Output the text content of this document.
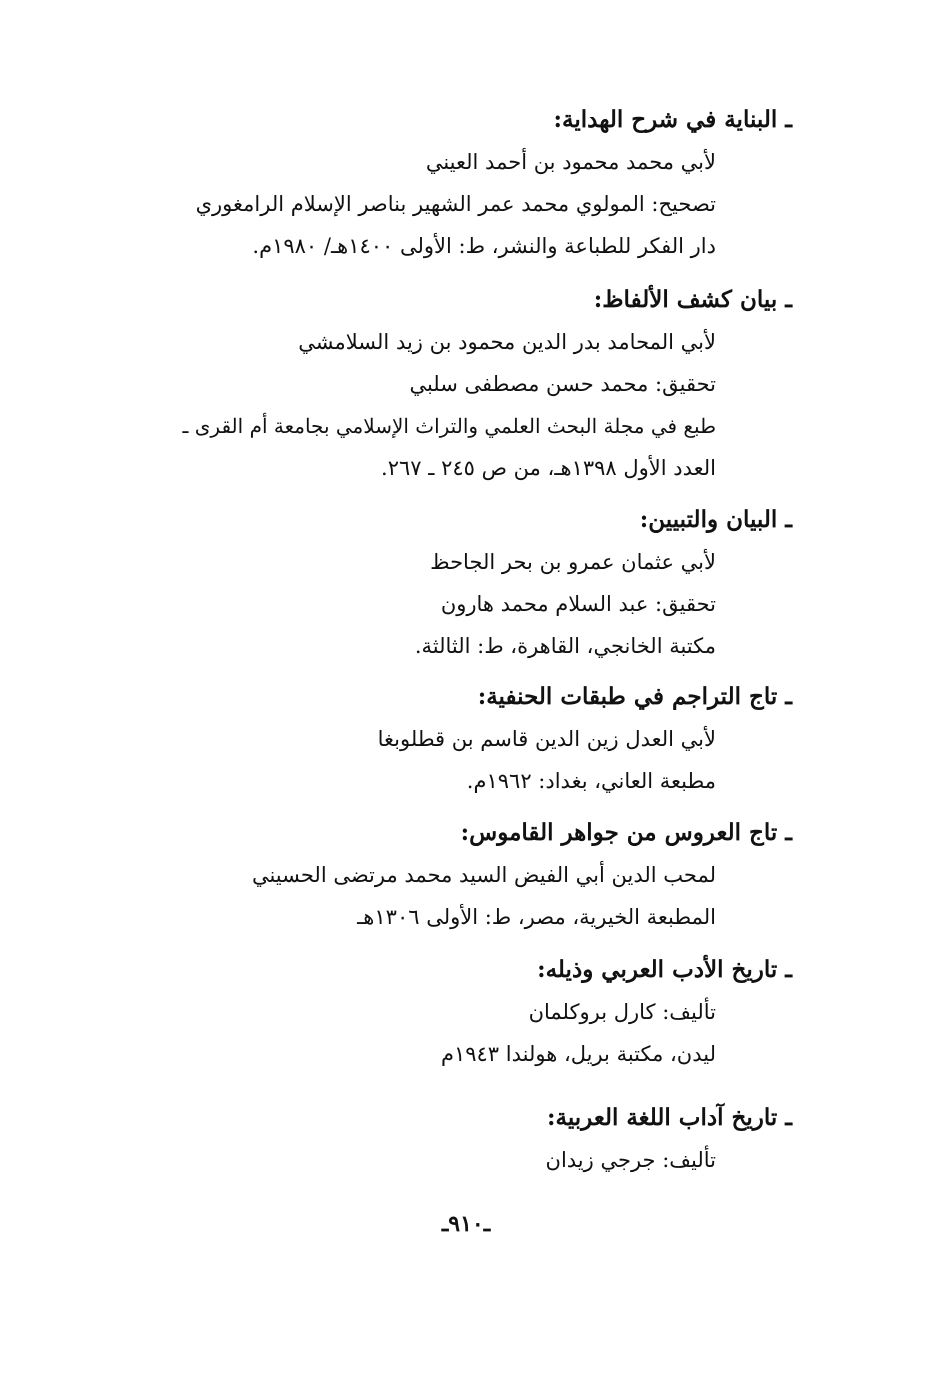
ـ البناية في شرح الهداية:
لأبي محمد محمود بن أحمد العيني
تصحيح: المولوي محمد عمر الشهير بناصر الإسلام الرامغوري
دار الفكر للطباعة والنشر، ط: الأولى ١٤٠٠هـ/ ١٩٨٠م.
ـ بيان كشف الألفاظ:
لأبي المحامد بدر الدين محمود بن زيد السلامشي
تحقيق: محمد حسن مصطفى سلبي
طبع في مجلة البحث العلمي والتراث الإسلامي بجامعة أم القرى ـ
العدد الأول ١٣٩٨هـ، من ص ٢٤٥ ـ ٢٦٧.
ـ البيان والتبيين:
لأبي عثمان عمرو بن بحر الجاحظ
تحقيق: عبد السلام محمد هارون
مكتبة الخانجي، القاهرة، ط: الثالثة.
ـ تاج التراجم في طبقات الحنفية:
لأبي العدل زين الدين قاسم بن قطلوبغا
مطبعة العاني، بغداد: ١٩٦٢م.
ـ تاج العروس من جواهر القاموس:
لمحب الدين أبي الفيض السيد محمد مرتضى الحسيني
المطبعة الخيرية، مصر، ط: الأولى ١٣٠٦هـ
ـ تاريخ الأدب العربي وذيله:
تأليف: كارل بروكلمان
ليدن، مكتبة بريل، هولندا ١٩٤٣م
ـ تاريخ آداب اللغة العربية:
تأليف: جرجي زيدان
ـ٩١٠ـ
